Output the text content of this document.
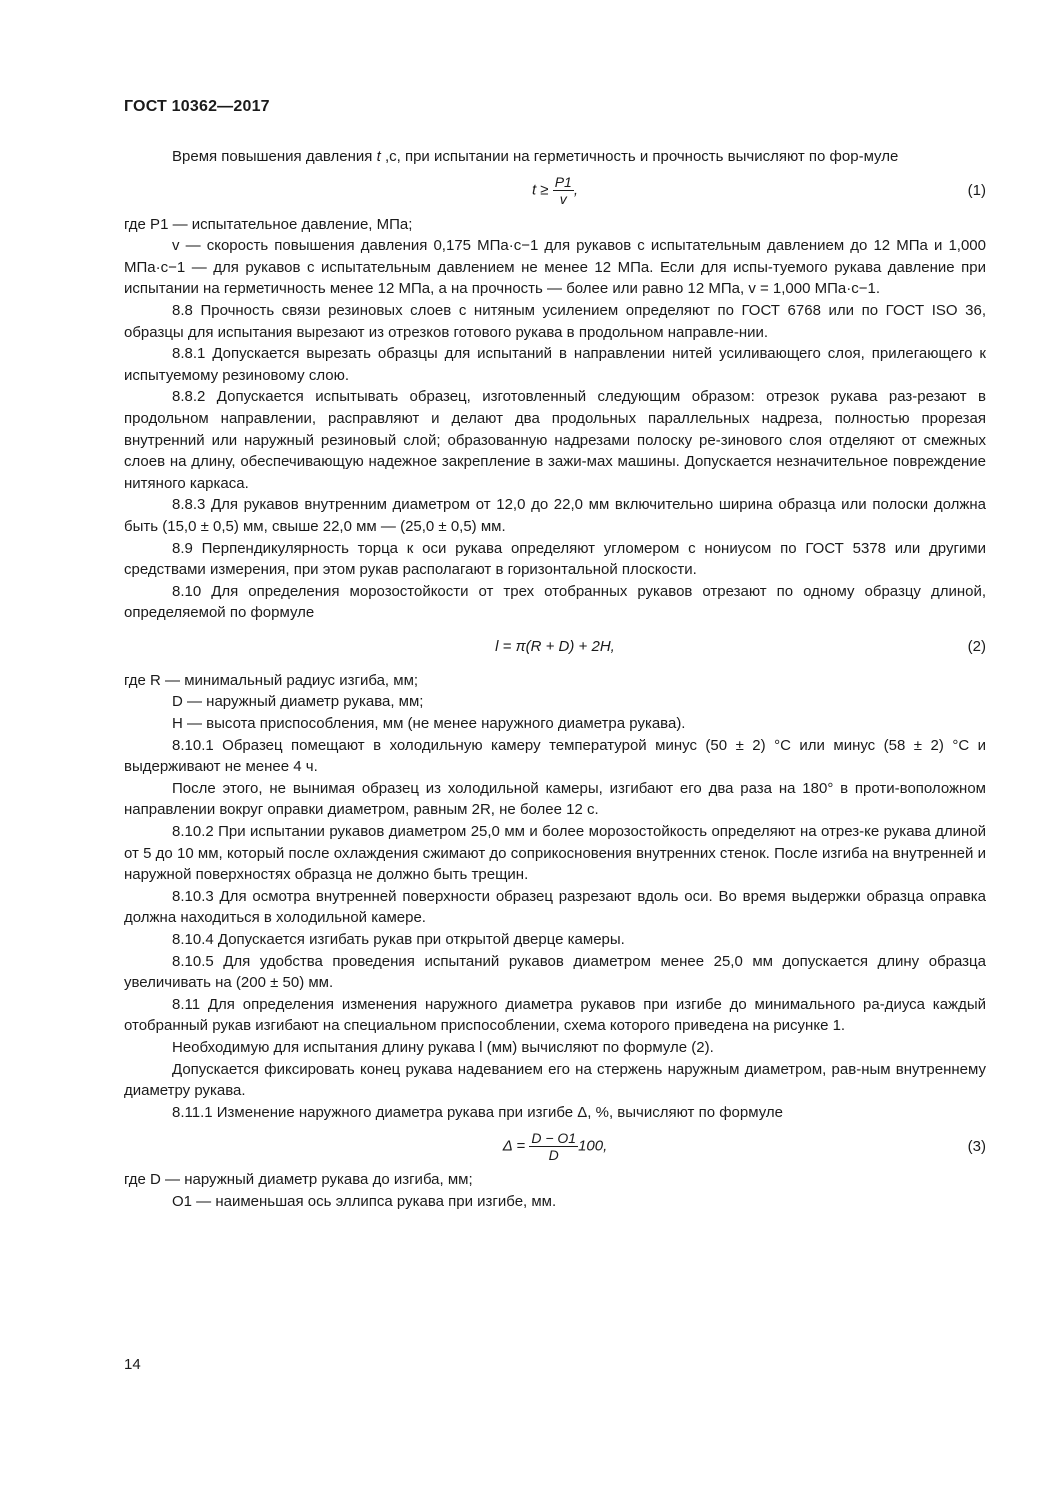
ГОСТ 10362—2017

Время повышения давления t ,с, при испытании на герметичность и прочность вычисляют по фор-муле

$t \ge \frac{P1}{v}$ ,	(1)

где P1 — испытательное давление, МПа;

v — скорость повышения давления 0,175 МПа·с−1 для рукавов с испытательным давлением до 12 МПа и 1,000 МПа·с−1 — для рукавов с испытательным давлением не менее 12 МПа. Если для испы-туемого рукава давление при испытании на герметичность менее 12 МПа, а на прочность — более или равно 12 МПа, v = 1,000 МПа·с−1.

8.8 Прочность связи резиновых слоев с нитяным усилением определяют по ГОСТ 6768 или по ГОСТ ISO 36, образцы для испытания вырезают из отрезков готового рукава в продольном направле-нии.

8.8.1 Допускается вырезать образцы для испытаний в направлении нитей усиливающего слоя, прилегающего к испытуемому резиновому слою.

8.8.2 Допускается испытывать образец, изготовленный следующим образом: отрезок рукава раз-резают в продольном направлении, расправляют и делают два продольных параллельных надреза, полностью прорезая внутренний или наружный резиновый слой; образованную надрезами полоску ре-зинового слоя отделяют от смежных слоев на длину, обеспечивающую надежное закрепление в зажи-мах машины. Допускается незначительное повреждение нитяного каркаса.

8.8.3 Для рукавов внутренним диаметром от 12,0 до 22,0 мм включительно ширина образца или полоски должна быть (15,0 ± 0,5) мм, свыше 22,0 мм — (25,0 ± 0,5) мм.

8.9 Перпендикулярность торца к оси рукава определяют угломером с нониусом по ГОСТ 5378 или другими средствами измерения, при этом рукав располагают в горизонтальной плоскости.

8.10 Для определения морозостойкости от трех отобранных рукавов отрезают по одному образцу длиной, определяемой по формуле

l = π(R + D) + 2H,	(2)

где R — минимальный радиус изгиба, мм;

D — наружный диаметр рукава, мм;

H — высота приспособления, мм (не менее наружного диаметра рукава).

8.10.1 Образец помещают в холодильную камеру температурой минус (50 ± 2) °С или минус (58 ± 2) °С и выдерживают не менее 4 ч.

После этого, не вынимая образец из холодильной камеры, изгибают его два раза на 180° в проти-воположном направлении вокруг оправки диаметром, равным 2R, не более 12 с.

8.10.2 При испытании рукавов диаметром 25,0 мм и более морозостойкость определяют на отрез-ке рукава длиной от 5 до 10 мм, который после охлаждения сжимают до соприкосновения внутренних стенок. После изгиба на внутренней и наружной поверхностях образца не должно быть трещин.

8.10.3 Для осмотра внутренней поверхности образец разрезают вдоль оси. Во время выдержки образца оправка должна находиться в холодильной камере.

8.10.4 Допускается изгибать рукав при открытой дверце камеры.

8.10.5 Для удобства проведения испытаний рукавов диаметром менее 25,0 мм допускается длину образца увеличивать на (200 ± 50) мм.

8.11 Для определения изменения наружного диаметра рукавов при изгибе до минимального ра-диуса каждый отобранный рукав изгибают на специальном приспособлении, схема которого приведена на рисунке 1.

Необходимую для испытания длину рукава l (мм) вычисляют по формуле (2).

Допускается фиксировать конец рукава надеванием его на стержень наружным диаметром, рав-ным внутреннему диаметру рукава.

8.11.1 Изменение наружного диаметра рукава при изгибе Δ, %, вычисляют по формуле

$\Delta = \frac{D - O1}{D} 100$,	(3)

где D — наружный диаметр рукава до изгиба, мм;

O1 — наименьшая ось эллипса рукава при изгибе, мм.

14
